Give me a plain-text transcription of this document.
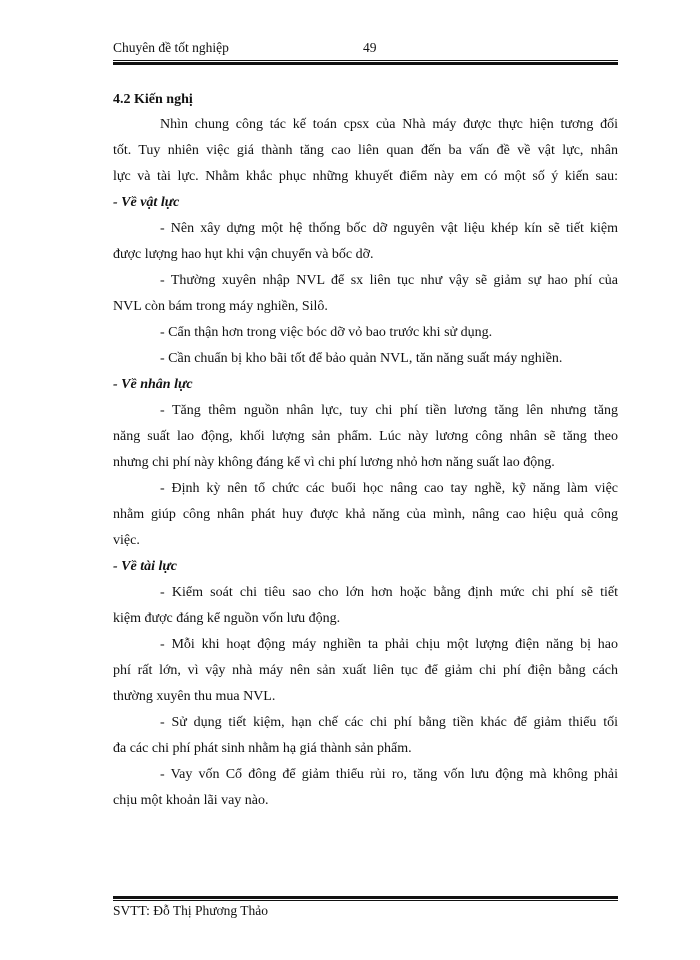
Chuyên đề tốt nghiệp	49
4.2 Kiến nghị
Nhìn chung công tác kế toán cpsx của Nhà máy được thực hiện tương đối
tốt. Tuy nhiên việc giá thành tăng cao liên quan đến ba vấn đề về vật lực, nhân
lực và tài lực. Nhằm khắc phục những khuyết điểm này em có một số ý kiến sau:
- Về vật lực
- Nên xây dựng một hệ thống bốc dỡ nguyên vật liệu khép kín sẽ tiết kiệm
được lượng hao hụt khi vận chuyển và bốc dỡ.
- Thường xuyên nhập NVL để sx liên tục như vậy sẽ giảm sự hao phí của
NVL còn bám trong máy nghiền, Silô.
- Cẩn thận hơn trong việc bóc dỡ vỏ bao trước khi sử dụng.
- Cần chuẩn bị kho bãi tốt để bảo quản NVL, tăn năng suất máy nghiền.
- Về nhân lực
- Tăng thêm nguồn nhân lực, tuy chi phí tiền lương tăng lên nhưng tăng
năng suất lao động, khối lượng sản phẩm. Lúc này lương công nhân sẽ tăng theo
nhưng chi phí này không đáng kể vì chi phí lương nhỏ hơn năng suất lao động.
- Định kỳ nên tổ chức các buổi học nâng cao tay nghề, kỹ năng làm việc
nhằm giúp công nhân phát huy được khả năng của mình, nâng cao hiệu quả công
việc.
- Về tài lực
- Kiểm soát chi tiêu sao cho lớn hơn hoặc bằng định mức chi phí sẽ tiết
kiệm được đáng kể nguồn vốn lưu động.
- Mỗi khi hoạt động máy nghiền ta phải chịu một lượng điện năng bị hao
phí rất lớn, vì vậy nhà máy nên sản xuất liên tục để giảm chi phí điện bằng cách
thường xuyên thu mua NVL.
- Sử dụng tiết kiệm, hạn chế các chi phí bằng tiền khác để giảm thiểu tối
đa các chi phí phát sinh nhằm hạ giá thành sản phẩm.
- Vay vốn Cổ đông để giảm thiểu rủi ro, tăng vốn lưu động mà không phải
chịu một khoản lãi vay nào.
SVTT: Đỗ Thị Phương Thảo
